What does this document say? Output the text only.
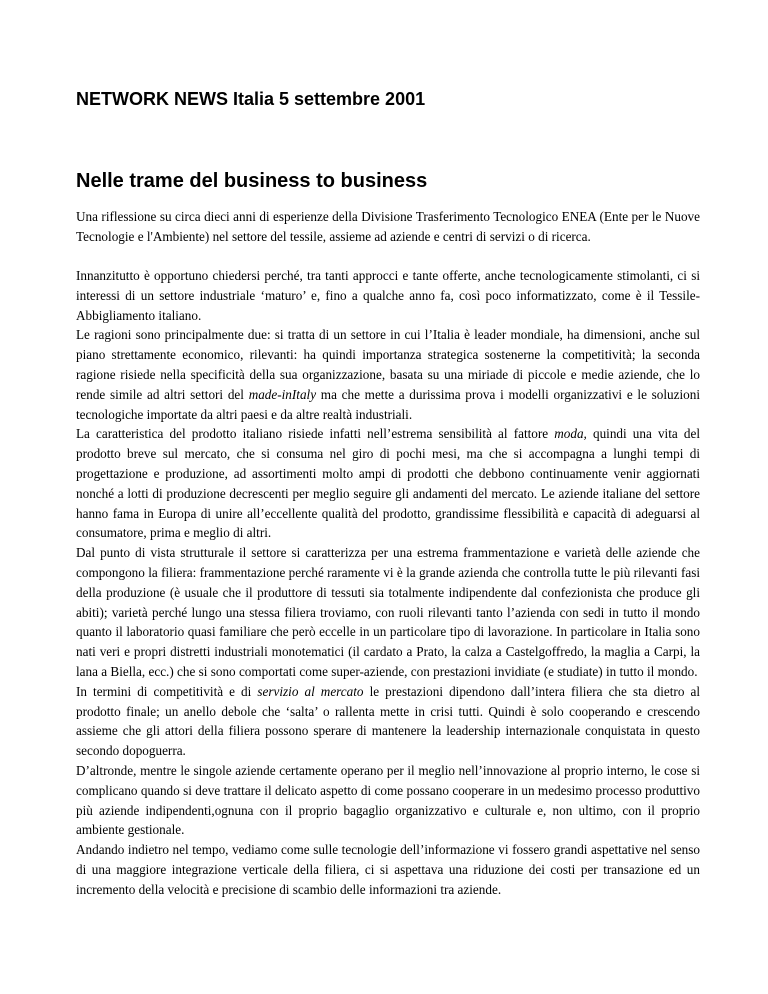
NETWORK NEWS Italia 5 settembre 2001
Nelle trame del business to business

Una riflessione su circa dieci anni di esperienze della Divisione Trasferimento Tecnologico ENEA (Ente per le Nuove Tecnologie e l'Ambiente) nel settore del tessile, assieme ad aziende e centri di servizi o di ricerca.

Innanzitutto è opportuno chiedersi perché, tra tanti approcci e tante offerte, anche tecnologicamente stimolanti, ci si interessi di un settore industriale ‘maturo’ e, fino a qualche anno fa, così poco informatizzato, come è il Tessile-Abbigliamento italiano.

Le ragioni sono principalmente due: si tratta di un settore in cui l’Italia è leader mondiale, ha dimensioni, anche sul piano strettamente economico, rilevanti: ha quindi importanza strategica sostenerne la competitività; la seconda ragione risiede nella specificità della sua organizzazione, basata su una miriade di piccole e medie aziende, che lo rende simile ad altri settori del made-inItaly ma che mette a durissima prova i modelli organizzativi e le soluzioni tecnologiche importate da altri paesi e da altre realtà industriali.

La caratteristica del prodotto italiano risiede infatti nell’estrema sensibilità al fattore moda, quindi una vita del prodotto breve sul mercato, che si consuma nel giro di pochi mesi, ma che si accompagna a lunghi tempi di progettazione e produzione, ad assortimenti molto ampi di prodotti che debbono continuamente venir aggiornati nonché a lotti di produzione decrescenti per meglio seguire gli andamenti del mercato. Le aziende italiane del settore hanno fama in Europa di unire all’eccellente qualità del prodotto, grandissime flessibilità e capacità di adeguarsi al consumatore, prima e meglio di altri.

Dal punto di vista strutturale il settore si caratterizza per una estrema frammentazione e varietà delle aziende che compongono la filiera: frammentazione perché raramente vi è la grande azienda che controlla tutte le più rilevanti fasi della produzione (è usuale che il produttore di tessuti sia totalmente indipendente dal confezionista che produce gli abiti); varietà perché lungo una stessa filiera troviamo, con ruoli rilevanti tanto l’azienda con sedi in tutto il mondo quanto il laboratorio quasi familiare che però eccelle in un particolare tipo di lavorazione. In particolare in Italia sono nati veri e propri distretti industriali monotematici (il cardato a Prato, la calza a Castelgoffredo, la maglia a Carpi, la lana a Biella, ecc.) che si sono comportati come super-aziende, con prestazioni invidiate (e studiate) in tutto il mondo.

In termini di competitività e di servizio al mercato le prestazioni dipendono dall’intera filiera che sta dietro al prodotto finale; un anello debole che ‘salta’ o rallenta mette in crisi tutti. Quindi è solo cooperando e crescendo assieme che gli attori della filiera possono sperare di mantenere la leadership internazionale conquistata in questo secondo dopoguerra.

D’altronde, mentre le singole aziende certamente operano per il meglio nell’innovazione al proprio interno, le cose si complicano quando si deve trattare il delicato aspetto di come possano cooperare in un medesimo processo produttivo più aziende indipendenti,ognuna con il proprio bagaglio organizzativo e culturale e, non ultimo, con il proprio ambiente gestionale.

Andando indietro nel tempo, vediamo come sulle tecnologie dell’informazione vi fossero grandi aspettative nel senso di una maggiore integrazione verticale della filiera, ci si aspettava una riduzione dei costi per transazione ed un incremento della velocità e precisione di scambio delle informazioni tra aziende.
